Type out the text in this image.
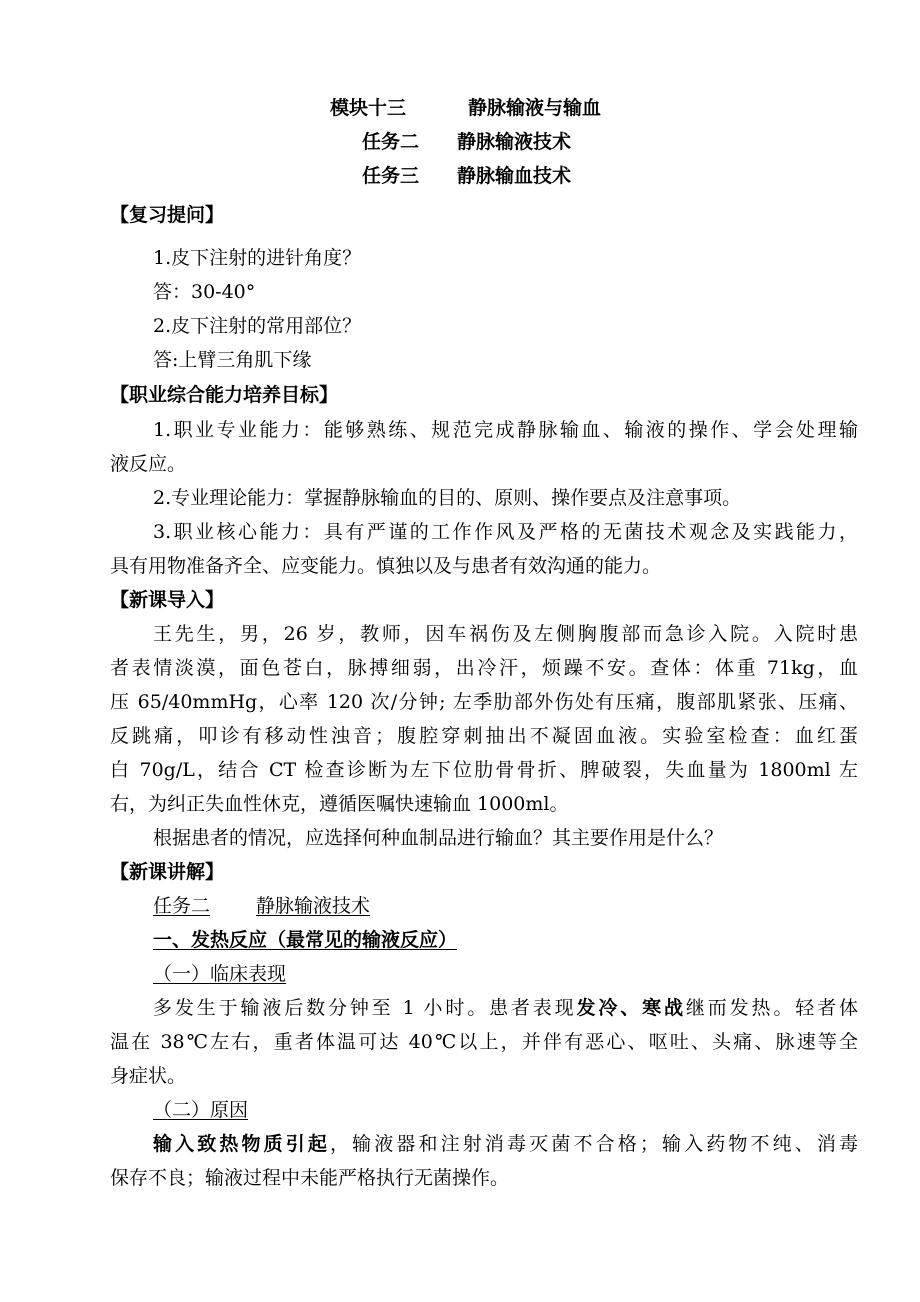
模块十三	静脉输液与输血
任务二 静脉输液技术
任务三 静脉输血技术
【复习提问】
1.皮下注射的进针角度？
答：30-40°
2.皮下注射的常用部位？
答:上臂三角肌下缘
【职业综合能力培养目标】
1.职业专业能力：能够熟练、规范完成静脉输血、输液的操作、学会处理输
液反应。
2.专业理论能力：掌握静脉输血的目的、原则、操作要点及注意事项。
3.职业核心能力：具有严谨的工作作风及严格的无菌技术观念及实践能力，
具有用物准备齐全、应变能力。慎独以及与患者有效沟通的能力。
【新课导入】
王先生，男，26 岁，教师，因车祸伤及左侧胸腹部而急诊入院。入院时患
者表情淡漠，面色苍白，脉搏细弱，出冷汗，烦躁不安。查体：体重 71kg，血
压 65/40mmHg，心率 120 次/分钟; 左季肋部外伤处有压痛，腹部肌紧张、压痛、
反跳痛，叩诊有移动性浊音；腹腔穿刺抽出不凝固血液。实验室检查：血红蛋
白 70g/L，结合 CT 检查诊断为左下位肋骨骨折、脾破裂，失血量为 1800ml 左
右，为纠正失血性休克，遵循医嘱快速输血 1000ml。
根据患者的情况，应选择何种血制品进行输血？其主要作用是什么？
【新课讲解】
任务二 静脉输液技术
一、发热反应（最常见的输液反应）
（一）临床表现
多发生于输液后数分钟至 1 小时。患者表现发冷、寒战继而发热。轻者体
温在 38℃左右，重者体温可达 40℃以上，并伴有恶心、呕吐、头痛、脉速等全
身症状。
（二）原因
输入致热物质引起，输液器和注射消毒灭菌不合格；输入药物不纯、消毒
保存不良；输液过程中未能严格执行无菌操作。
